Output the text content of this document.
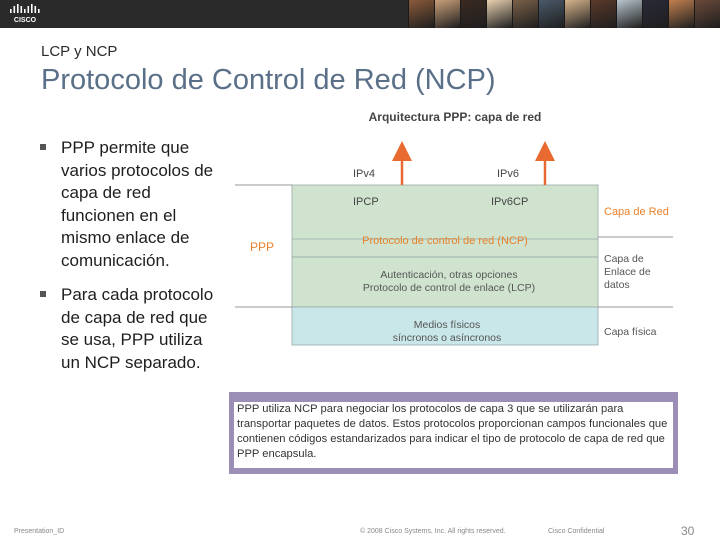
CISCO
LCP y NCP
Protocolo de Control de Red (NCP)
PPP permite que varios protocolos de capa de red funcionen en el mismo enlace de comunicación.
Para cada protocolo de capa de red que se usa, PPP utiliza un NCP separado.
Arquitectura PPP: capa de red
IPv4	IPv6
IPCP	IPv6CP
Protocolo de control de red (NCP)
Autenticación, otras opciones
Protocolo de control de enlace (LCP)
Medios físicos
síncronos o asíncronos
PPP
Capa de Red
Capa de
Enlace de
datos
Capa física
PPP utiliza NCP para negociar los protocolos de capa 3 que se utilizarán para transportar paquetes de datos. Estos protocolos proporcionan campos funcionales que contienen códigos estandarizados para indicar el tipo de protocolo de capa de red que PPP encapsula.
Presentation_ID	© 2008 Cisco Systems, Inc. All rights reserved.	Cisco Confidential	30
